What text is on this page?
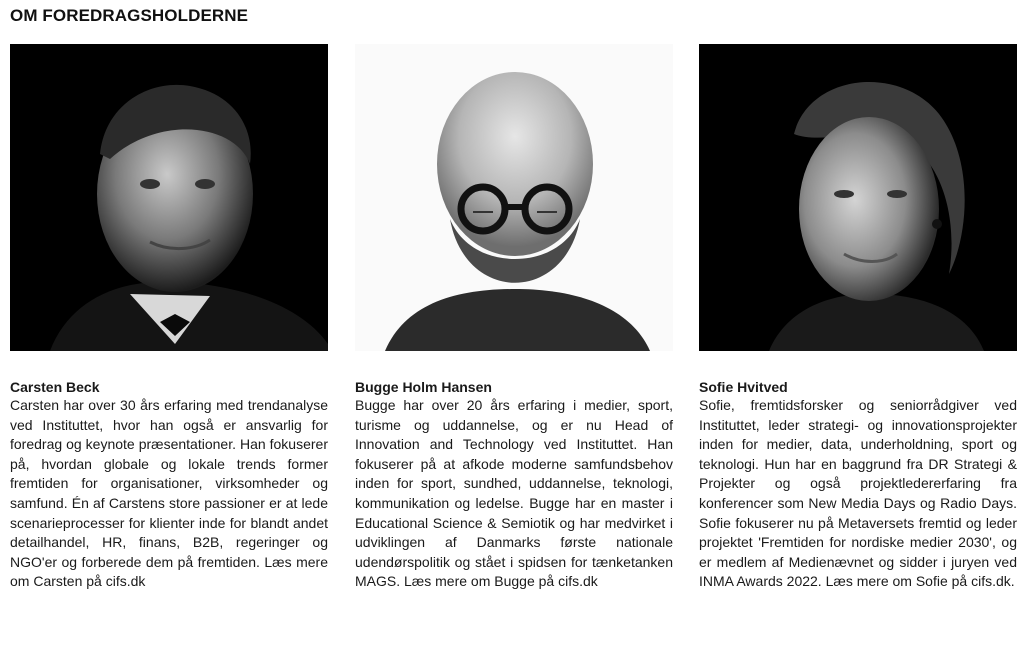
OM FOREDRAGSHOLDERNE
Carsten Beck

Carsten har over 30 års erfaring med trendanalyse ved Instituttet, hvor han også er ansvarlig for foredrag og keynote præsentationer. Han fokuserer på, hvordan globale og lokale trends former fremtiden for organisationer, virksomheder og samfund. Én af Carstens store passioner er at lede scenarieprocesser for klienter inde for blandt andet detailhandel, HR, finans, B2B, regeringer og NGO'er og forberede dem på fremtiden. Læs mere om Carsten på cifs.dk

Bugge Holm Hansen

Bugge har over 20 års erfaring i medier, sport, turisme og uddannelse, og er nu Head of Innovation and Technology ved Instituttet. Han fokuserer på at afkode moderne samfundsbehov inden for sport, sundhed, uddannelse, teknologi, kommunikation og ledelse. Bugge har en master i Educational Science & Semiotik og har medvirket i udviklingen af Danmarks første nationale udendørspolitik og stået i spidsen for tænketanken MAGS. Læs mere om Bugge på cifs.dk

Sofie Hvitved

Sofie, fremtidsforsker og seniorrådgiver ved Instituttet, leder strategi- og innovationsprojekter inden for medier, data, underholdning, sport og teknologi. Hun har en baggrund fra DR Strategi & Projekter og også projektledererfaring fra konferencer som New Media Days og Radio Days. Sofie fokuserer nu på Metaversets fremtid og leder projektet 'Fremtiden for nordiske medier 2030', og er medlem af Medienævnet og sidder i juryen ved INMA Awards 2022. Læs mere om Sofie på cifs.dk.
